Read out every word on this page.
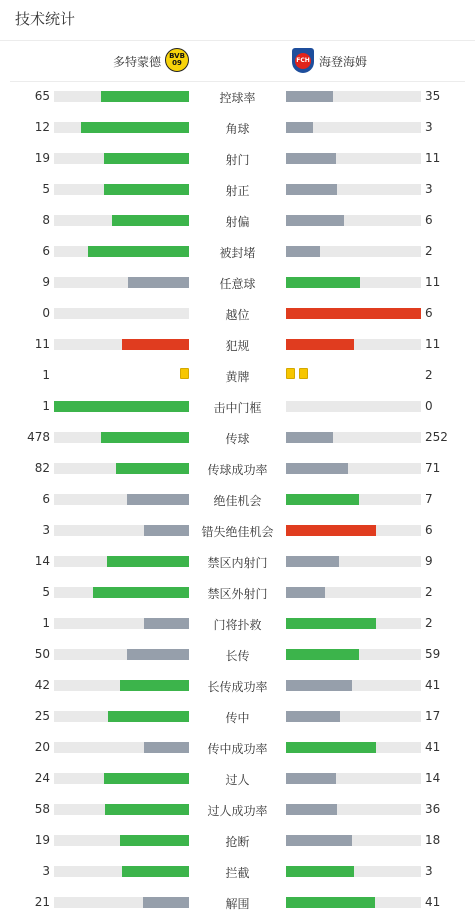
技术统计
多特蒙德	BVB 09	FCH 海登海姆
65	控球率	35
12	角球	3
19	射门	11
5	射正	3
8	射偏	6
6	被封堵	2
9	任意球	11
0	越位	6
11	犯规	11
1	黄牌	2
1	击中门框	0
478	传球	252
82	传球成功率	71
6	绝佳机会	7
3	错失绝佳机会	6
14	禁区内射门	9
5	禁区外射门	2
1	门将扑救	2
50	长传	59
42	长传成功率	41
25	传中	17
20	传中成功率	41
24	过人	14
58	过人成功率	36
19	抢断	18
3	拦截	3
21	解围	41
